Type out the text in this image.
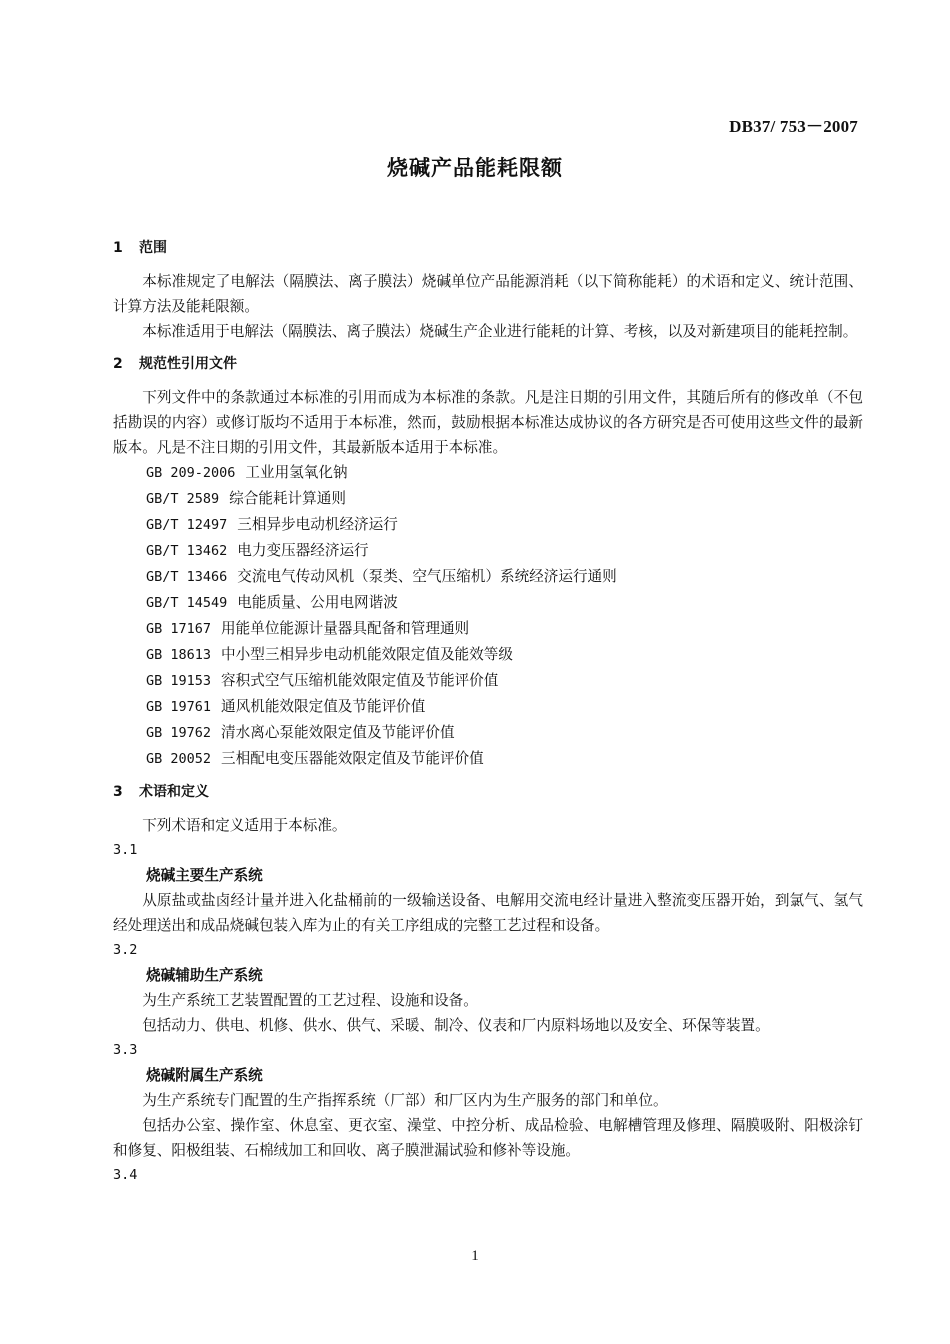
DB37/ 753－2007
烧碱产品能耗限额
1 范围
本标准规定了电解法（隔膜法、离子膜法）烧碱单位产品能源消耗（以下简称能耗）的术语和定义、统计范围、计算方法及能耗限额。
本标准适用于电解法（隔膜法、离子膜法）烧碱生产企业进行能耗的计算、考核，以及对新建项目的能耗控制。
2 规范性引用文件
下列文件中的条款通过本标准的引用而成为本标准的条款。凡是注日期的引用文件，其随后所有的修改单（不包括勘误的内容）或修订版均不适用于本标准，然而，鼓励根据本标准达成协议的各方研究是否可使用这些文件的最新版本。凡是不注日期的引用文件，其最新版本适用于本标准。
GB 209-2006 工业用氢氧化钠
GB/T 2589 综合能耗计算通则
GB/T 12497 三相异步电动机经济运行
GB/T 13462 电力变压器经济运行
GB/T 13466 交流电气传动风机（泵类、空气压缩机）系统经济运行通则
GB/T 14549 电能质量、公用电网谐波
GB 17167 用能单位能源计量器具配备和管理通则
GB 18613 中小型三相异步电动机能效限定值及能效等级
GB 19153 容积式空气压缩机能效限定值及节能评价值
GB 19761 通风机能效限定值及节能评价值
GB 19762 清水离心泵能效限定值及节能评价值
GB 20052 三相配电变压器能效限定值及节能评价值
3 术语和定义
下列术语和定义适用于本标准。
3.1
烧碱主要生产系统
从原盐或盐卤经计量并进入化盐桶前的一级输送设备、电解用交流电经计量进入整流变压器开始，到氯气、氢气经处理送出和成品烧碱包装入库为止的有关工序组成的完整工艺过程和设备。
3.2
烧碱辅助生产系统
为生产系统工艺装置配置的工艺过程、设施和设备。
包括动力、供电、机修、供水、供气、采暖、制冷、仪表和厂内原料场地以及安全、环保等装置。
3.3
烧碱附属生产系统
为生产系统专门配置的生产指挥系统（厂部）和厂区内为生产服务的部门和单位。
包括办公室、操作室、休息室、更衣室、澡堂、中控分析、成品检验、电解槽管理及修理、隔膜吸附、阳极涂钉和修复、阳极组装、石棉绒加工和回收、离子膜泄漏试验和修补等设施。
3.4
1
